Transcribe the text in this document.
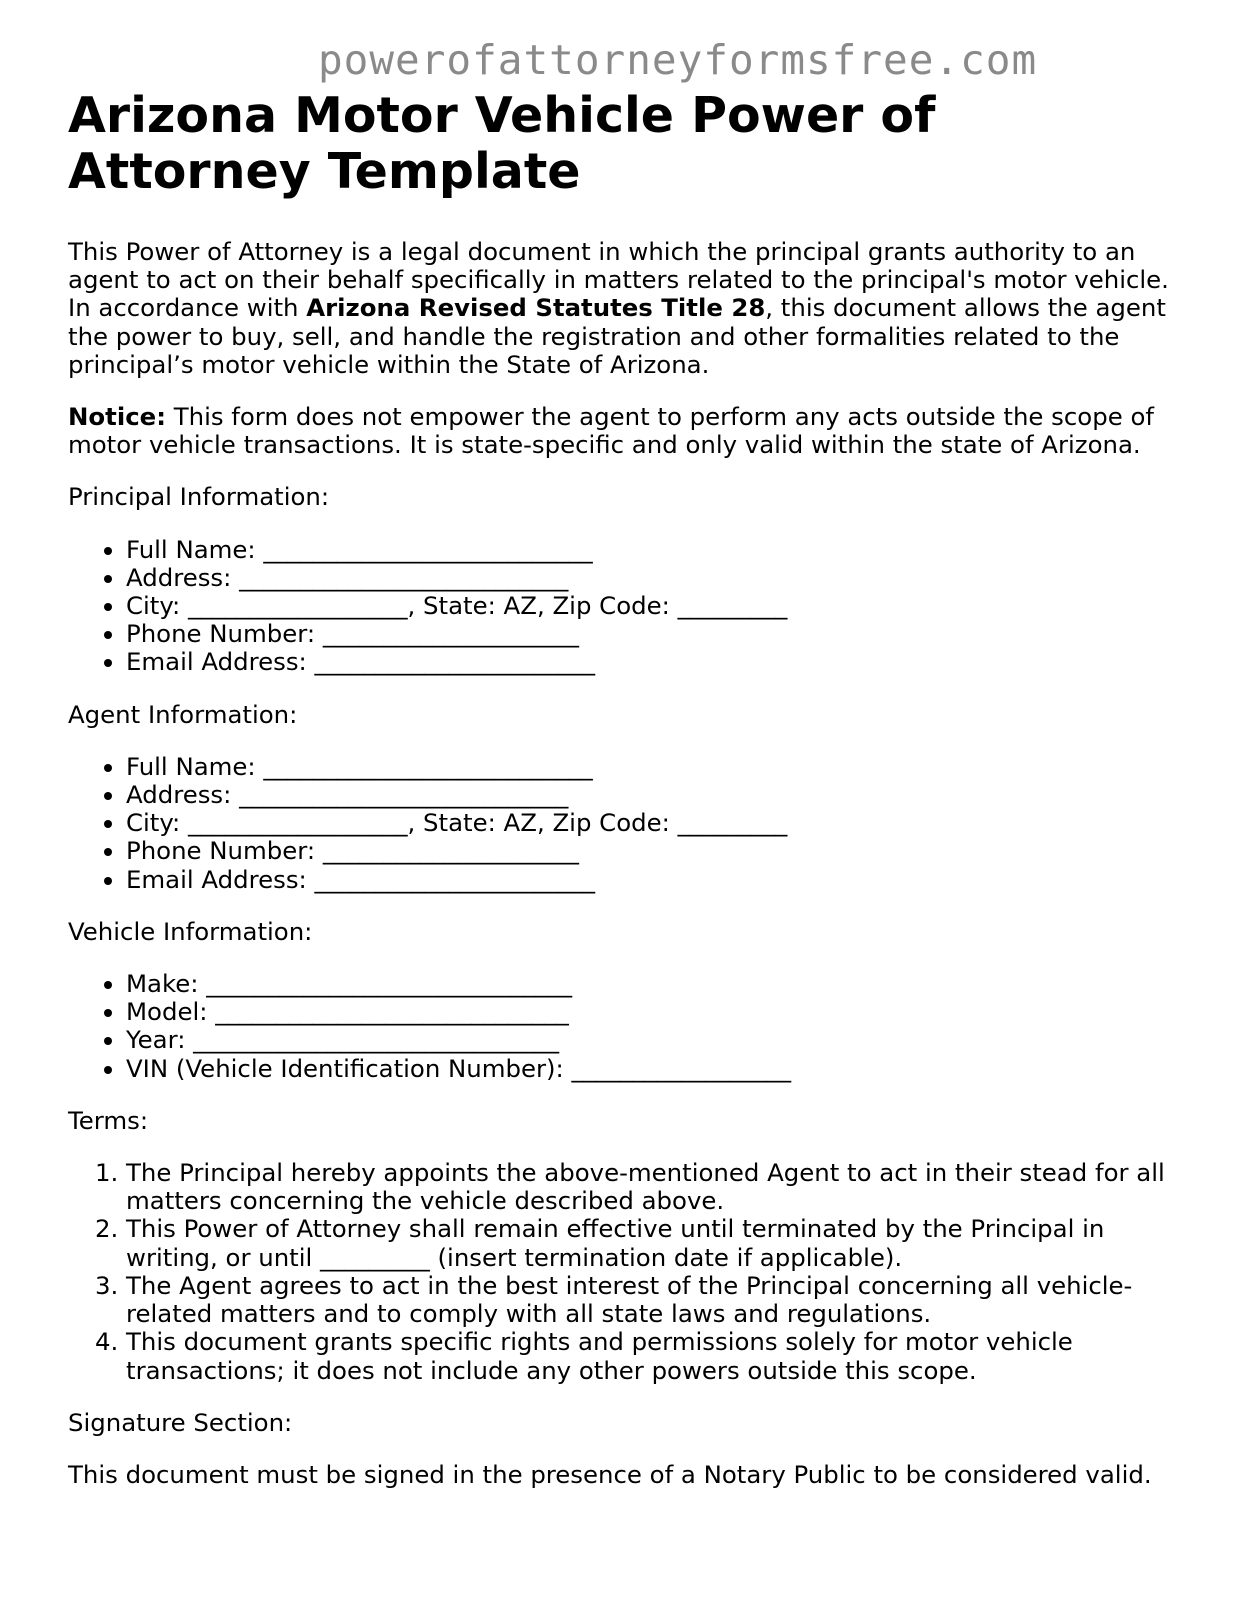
powerofattorneyformsfree.com
Arizona Motor Vehicle Power of Attorney Template

This Power of Attorney is a legal document in which the principal grants authority to an agent to act on their behalf specifically in matters related to the principal's motor vehicle. In accordance with Arizona Revised Statutes Title 28, this document allows the agent the power to buy, sell, and handle the registration and other formalities related to the principal’s motor vehicle within the State of Arizona.

Notice: This form does not empower the agent to perform any acts outside the scope of motor vehicle transactions. It is state-specific and only valid within the state of Arizona.

Principal Information:
• Full Name: ___________________________
• Address: ___________________________
• City: __________________, State: AZ, Zip Code: _________
• Phone Number: _____________________
• Email Address: _______________________
Agent Information:
• Full Name: ___________________________
• Address: ___________________________
• City: __________________, State: AZ, Zip Code: _________
• Phone Number: _____________________
• Email Address: _______________________
Vehicle Information:
• Make: ______________________________
• Model: _____________________________
• Year: ______________________________
• VIN (Vehicle Identification Number): __________________
Terms:
1. The Principal hereby appoints the above-mentioned Agent to act in their stead for all matters concerning the vehicle described above.
2. This Power of Attorney shall remain effective until terminated by the Principal in writing, or until _________ (insert termination date if applicable).
3. The Agent agrees to act in the best interest of the Principal concerning all vehicle-related matters and to comply with all state laws and regulations.
4. This document grants specific rights and permissions solely for motor vehicle transactions; it does not include any other powers outside this scope.
Signature Section:

This document must be signed in the presence of a Notary Public to be considered valid.
